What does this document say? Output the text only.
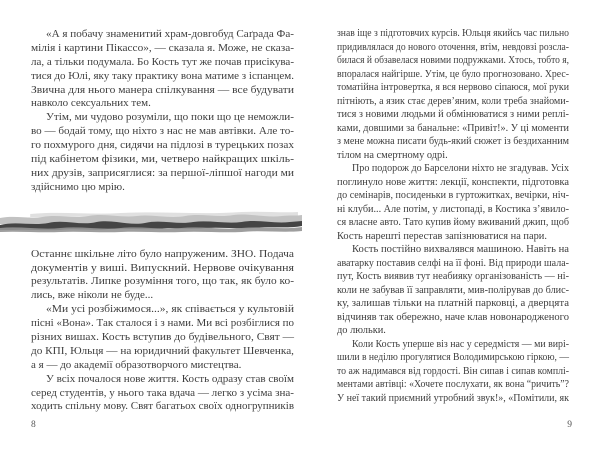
«А я побачу знаменитий храм-довгобуд Саґрада Фа-
мілія і картини Пікассо», — сказала я. Може, не сказа-
ла, а тільки подумала. Бо Кость тут же почав присікува-
тися до Юлі, яку таку практику вона матиме з іспанцем.
Звична для нього манера спілкування — все будувати
навколо сексуальних тем.
Утім, ми чудово розуміли, що поки що це неможли-
во — бодай тому, що ніхто з нас не мав автівки. Але то-
го похмурого дня, сидячи на підлозі в турецьких позах
під кабінетом фізики, ми, четверо найкращих шкіль-
них друзів, заприсяглися: за першої-ліпшої нагоди ми
здійснимо цю мрію.
Останнє шкільне літо було напруженим. ЗНО. Подача
документів у виші. Випускний. Нервове очікування
результатів. Липке розуміння того, що так, як було ко-
лись, вже ніколи не буде...
«Ми усі розбіжимося...», як співається у культовій
пісні «Вона». Так сталося і з нами. Ми всі розбіглися по
різних вишах. Кость вступив до будівельного, Свят —
до КПІ, Юльця — на юридичний факультет Шевченка,
а я — до академії образотворчого мистецтва.
У всіх почалося нове життя. Кость одразу став своїм
серед студентів, у нього така вдача — легко з усіма зна-
ходить спільну мову. Свят багатьох своїх одногрупників
8
знав іще з підготовчих курсів. Юльця якийсь час пильно
придивлялася до нового оточення, втім, невдовзі розсла-
билася й обзавелася новими подружками. Хтось, тобто я,
впоралася найгірше. Утім, це було прогнозовано. Хрес-
томатійна інтровертка, я вся нервово сіпаюся, мої руки
пітніють, а язик стає дерев’яним, коли треба знайоми-
тися з новими людьми й обмінюватися з ними реплі-
ками, довшими за банальне: «Привіт!». У ці моменти
з мене можна писати будь-який сюжет із бездиханним
тілом на смертному одрі.
Про подорож до Барселони ніхто не згадував. Усіх
поглинуло нове життя: лекції, конспекти, підготовка
до семінарів, посиденьки в гуртожитках, вечірки, ніч-
ні клуби... Але потім, у листопаді, в Костика з’явило-
ся власне авто. Тато купив йому вживаний джип, щоб
Кость нарешті перестав запізнюватися на пари.
Кость постійно вихвалявся машиною. Навіть на
аватарку поставив селфі на її фоні. Від природи шала-
пут, Кость виявив тут неабияку організованість — ні-
коли не забував її заправляти, мив-полірував до блис-
ку, залишав тільки на платній парковці, а дверцята
відчиняв так обережно, наче клав новонародженого
до люльки.
Коли Кость уперше віз нас у середмістя — ми вирі-
шили в неділю прогулятися Володимирською гіркою, —
то аж надимався від гордості. Він сипав і сипав комплі-
ментами автівці: «Хочете послухати, як вона “ричить”?
У неї такий приємний утробний звук!», «Помітили, як
9
